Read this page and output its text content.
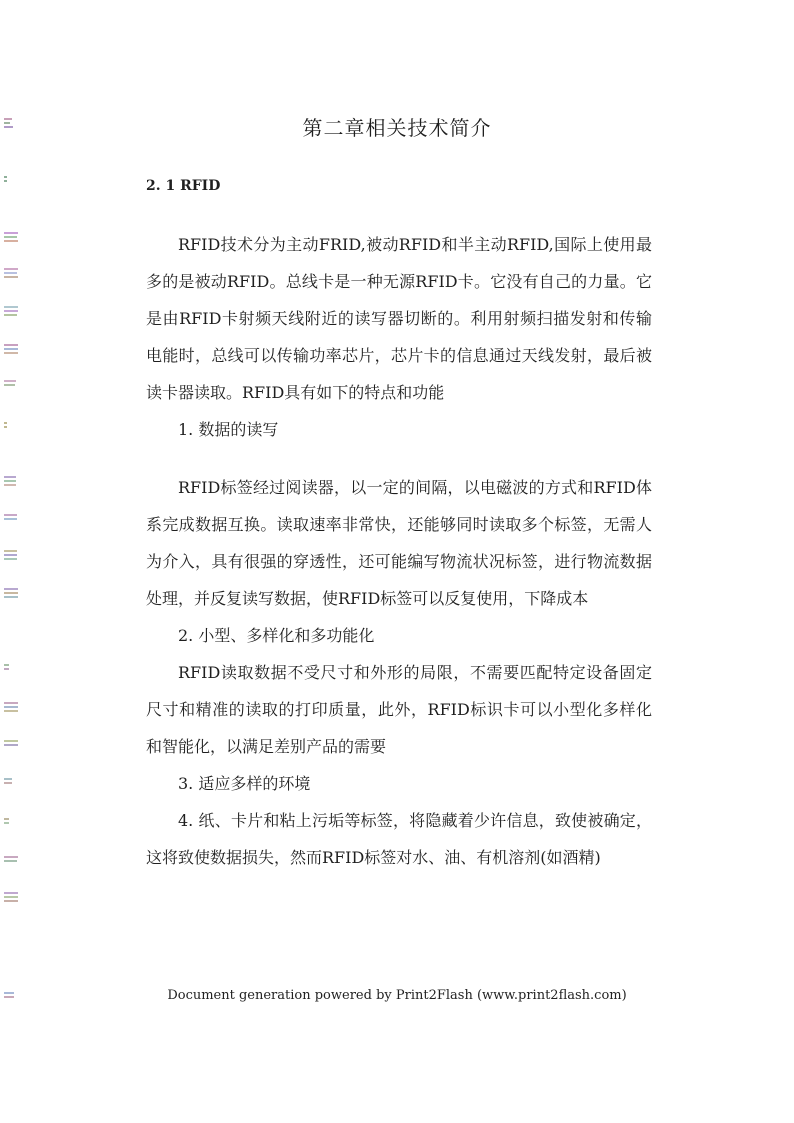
第二章相关技术简介
2. 1 RFID

RFID技术分为主动FRID,被动RFID和半主动RFID,国际上使用最多的是被动RFID。总线卡是一种无源RFID卡。它没有自己的力量。它是由RFID卡射频天线附近的读写器切断的。利用射频扫描发射和传输电能时，总线可以传输功率芯片，芯片卡的信息通过天线发射，最后被读卡器读取。RFID具有如下的特点和功能

1. 数据的读写

RFID标签经过阅读器，以一定的间隔，以电磁波的方式和RFID体系完成数据互换。读取速率非常快，还能够同时读取多个标签，无需人为介入，具有很强的穿透性，还可能编写物流状况标签，进行物流数据处理，并反复读写数据，使RFID标签可以反复使用，下降成本

2. 小型、多样化和多功能化

RFID读取数据不受尺寸和外形的局限，不需要匹配特定设备固定尺寸和精准的读取的打印质量，此外，RFID标识卡可以小型化多样化和智能化，以满足差别产品的需要

3. 适应多样的环境

4. 纸、卡片和粘上污垢等标签，将隐藏着少许信息，致使被确定，这将致使数据损失，然而RFID标签对水、油、有机溶剂(如酒精)

Document generation powered by Print2Flash (www.print2flash.com)
